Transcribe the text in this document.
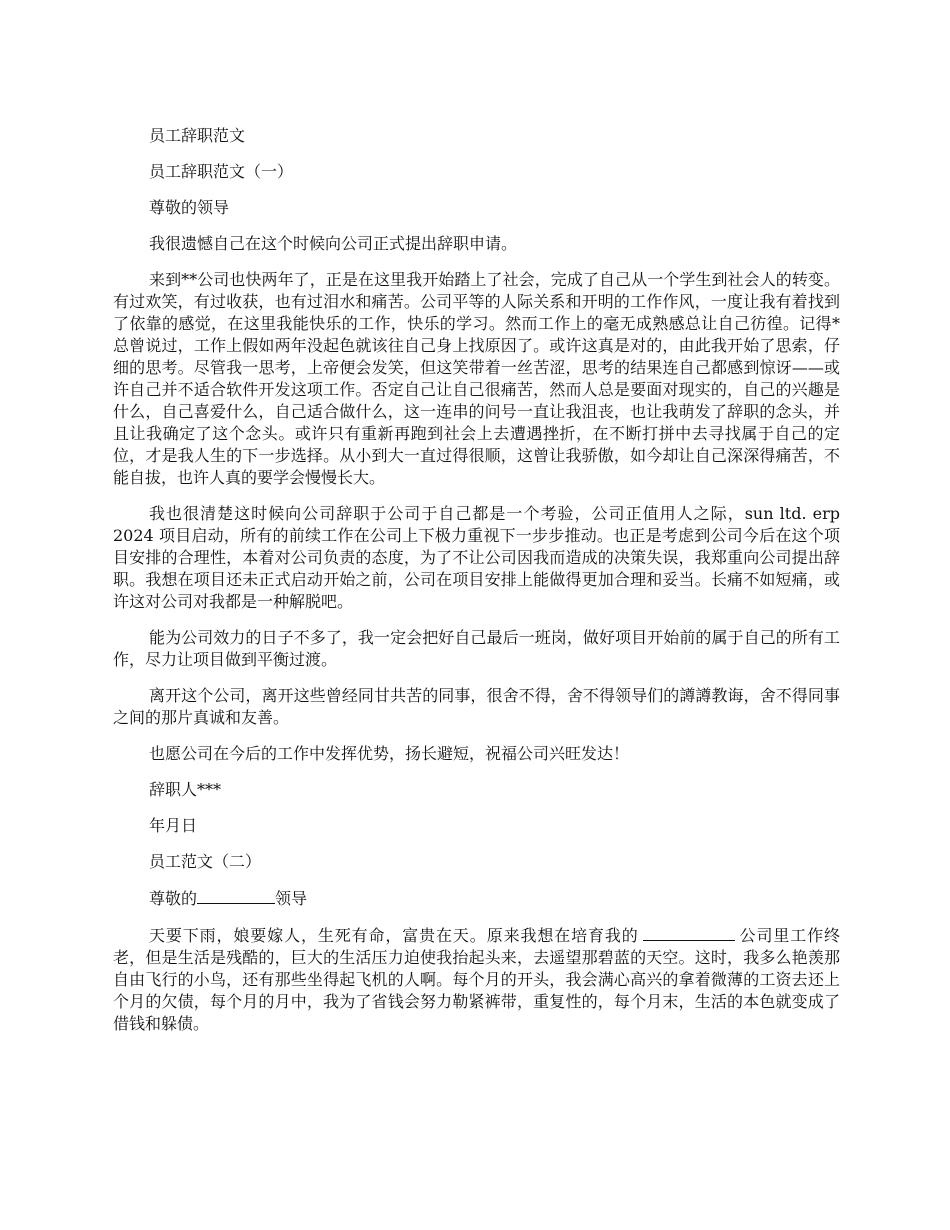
员工辞职范文

员工辞职范文（一）

尊敬的领导

我很遗憾自己在这个时候向公司正式提出辞职申请。

来到**公司也快两年了，正是在这里我开始踏上了社会，完成了自己从一个学生到社会人的转变。有过欢笑，有过收获，也有过泪水和痛苦。公司平等的人际关系和开明的工作作风，一度让我有着找到了依靠的感觉，在这里我能快乐的工作，快乐的学习。然而工作上的毫无成熟感总让自己彷徨。记得*总曾说过，工作上假如两年没起色就该往自己身上找原因了。或许这真是对的，由此我开始了思索，仔细的思考。尽管我一思考，上帝便会发笑，但这笑带着一丝苦涩，思考的结果连自己都感到惊讶——或许自己并不适合软件开发这项工作。否定自己让自己很痛苦，然而人总是要面对现实的，自己的兴趣是什么，自己喜爱什么，自己适合做什么，这一连串的问号一直让我沮丧，也让我萌发了辞职的念头，并且让我确定了这个念头。或许只有重新再跑到社会上去遭遇挫折，在不断打拼中去寻找属于自己的定位，才是我人生的下一步选择。从小到大一直过得很顺，这曾让我骄傲，如今却让自己深深得痛苦，不能自拔，也许人真的要学会慢慢长大。

我也很清楚这时候向公司辞职于公司于自己都是一个考验，公司正值用人之际，sun ltd. erp 2024 项目启动，所有的前续工作在公司上下极力重视下一步步推动。也正是考虑到公司今后在这个项目安排的合理性，本着对公司负责的态度，为了不让公司因我而造成的决策失误，我郑重向公司提出辞职。我想在项目还未正式启动开始之前，公司在项目安排上能做得更加合理和妥当。长痛不如短痛，或许这对公司对我都是一种解脱吧。

能为公司效力的日子不多了，我一定会把好自己最后一班岗，做好项目开始前的属于自己的所有工作，尽力让项目做到平衡过渡。

离开这个公司，离开这些曾经同甘共苦的同事，很舍不得，舍不得领导们的譐譐教诲，舍不得同事之间的那片真诚和友善。

也愿公司在今后的工作中发挥优势，扬长避短，祝福公司兴旺发达！

辞职人***

年月日

员工范文（二）

尊敬的	领导

天要下雨，娘要嫁人，生死有命，富贵在天。原来我想在培育我的	公司里工作终老，但是生活是残酷的，巨大的生活压力迫使我抬起头来，去遥望那碧蓝的天空。这时，我多么艳羡那自由飞行的小鸟，还有那些坐得起飞机的人啊。每个月的开头，我会满心高兴的拿着微薄的工资去还上个月的欠债，每个月的月中，我为了省钱会努力勒紧裤带，重复性的，每个月末，生活的本色就变成了借钱和躲债。
